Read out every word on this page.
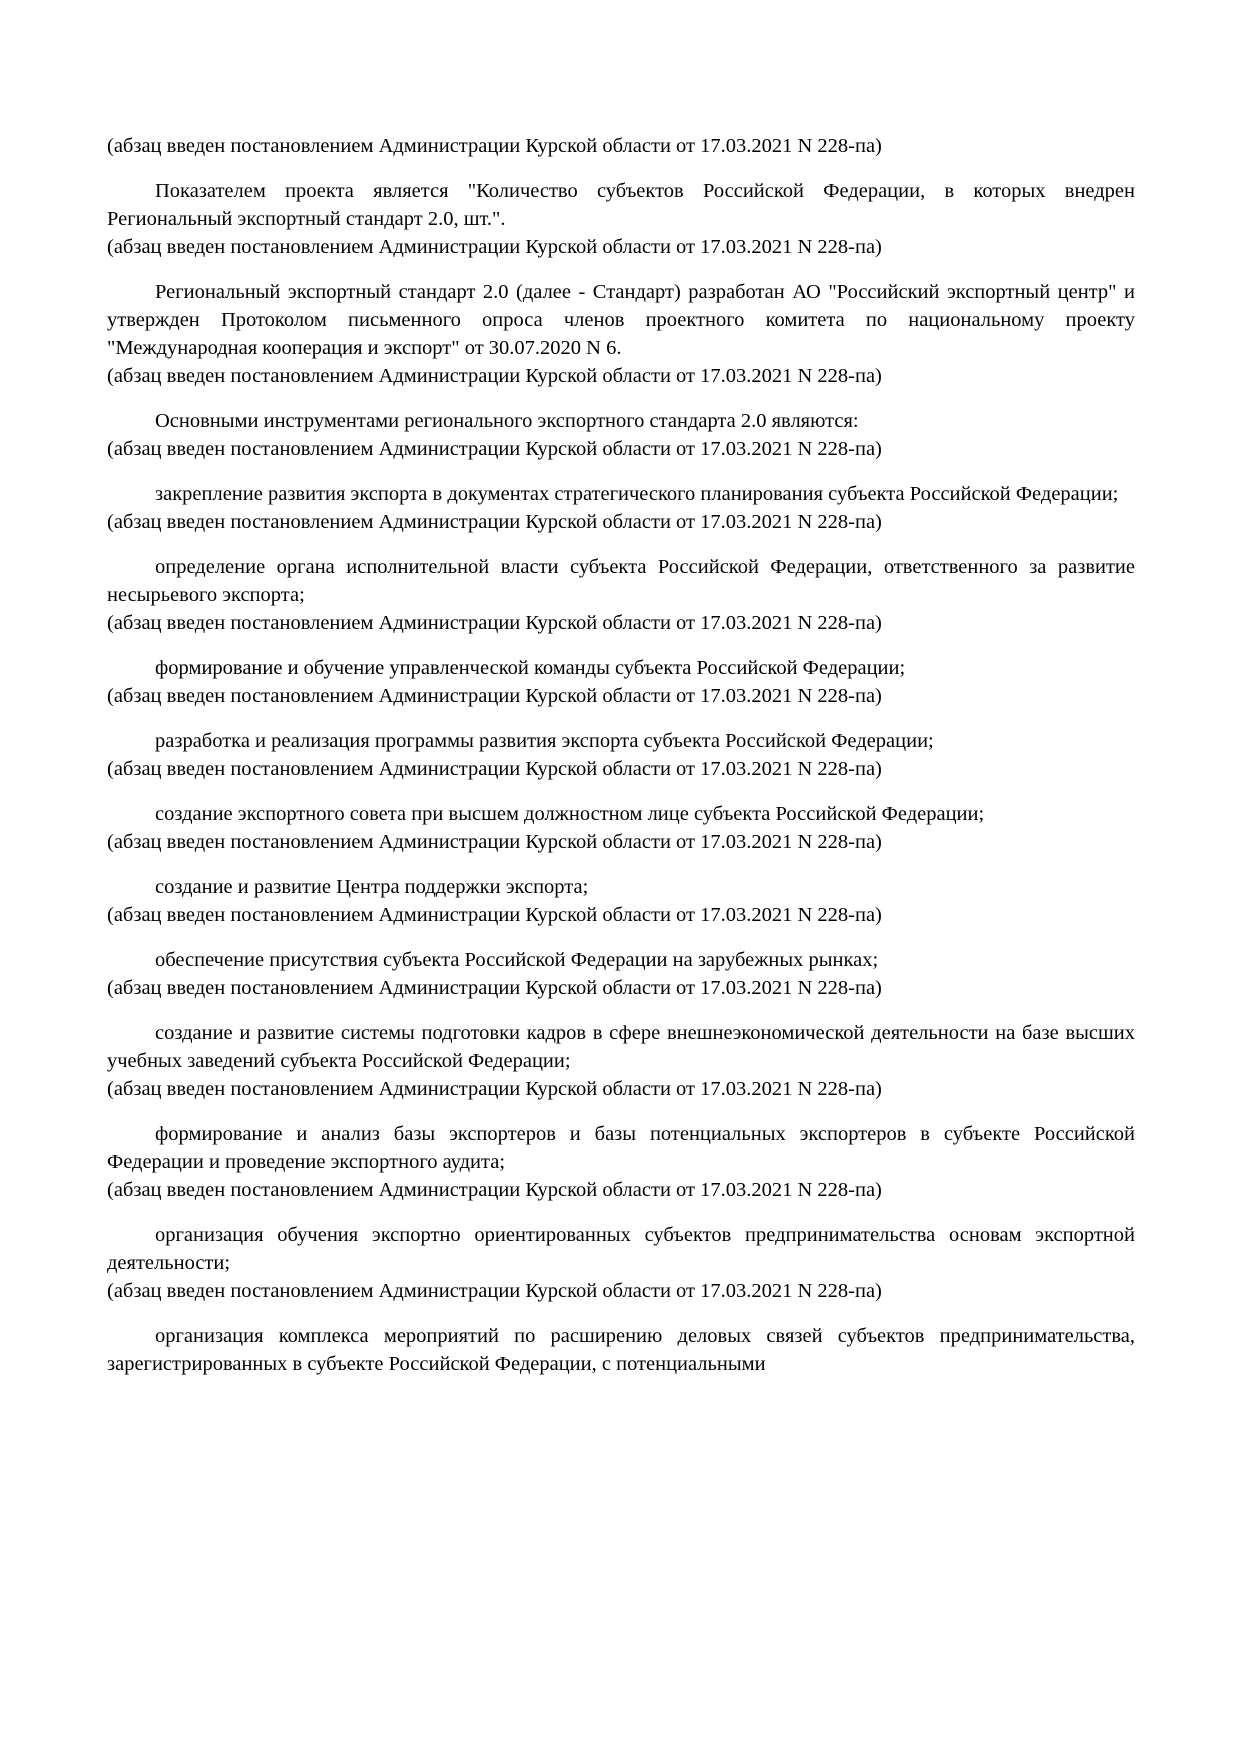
(абзац введен постановлением Администрации Курской области от 17.03.2021 N 228-па)

Показателем проекта является "Количество субъектов Российской Федерации, в которых внедрен Региональный экспортный стандарт 2.0, шт.".

(абзац введен постановлением Администрации Курской области от 17.03.2021 N 228-па)

Региональный экспортный стандарт 2.0 (далее - Стандарт) разработан АО "Российский экспортный центр" и утвержден Протоколом письменного опроса членов проектного комитета по национальному проекту "Международная кооперация и экспорт" от 30.07.2020 N 6.

(абзац введен постановлением Администрации Курской области от 17.03.2021 N 228-па)

Основными инструментами регионального экспортного стандарта 2.0 являются:

(абзац введен постановлением Администрации Курской области от 17.03.2021 N 228-па)

закрепление развития экспорта в документах стратегического планирования субъекта Российской Федерации;

(абзац введен постановлением Администрации Курской области от 17.03.2021 N 228-па)

определение органа исполнительной власти субъекта Российской Федерации, ответственного за развитие несырьевого экспорта;

(абзац введен постановлением Администрации Курской области от 17.03.2021 N 228-па)

формирование и обучение управленческой команды субъекта Российской Федерации;

(абзац введен постановлением Администрации Курской области от 17.03.2021 N 228-па)

разработка и реализация программы развития экспорта субъекта Российской Федерации;

(абзац введен постановлением Администрации Курской области от 17.03.2021 N 228-па)

создание экспортного совета при высшем должностном лице субъекта Российской Федерации;

(абзац введен постановлением Администрации Курской области от 17.03.2021 N 228-па)

создание и развитие Центра поддержки экспорта;

(абзац введен постановлением Администрации Курской области от 17.03.2021 N 228-па)

обеспечение присутствия субъекта Российской Федерации на зарубежных рынках;

(абзац введен постановлением Администрации Курской области от 17.03.2021 N 228-па)

создание и развитие системы подготовки кадров в сфере внешнеэкономической деятельности на базе высших учебных заведений субъекта Российской Федерации;

(абзац введен постановлением Администрации Курской области от 17.03.2021 N 228-па)

формирование и анализ базы экспортеров и базы потенциальных экспортеров в субъекте Российской Федерации и проведение экспортного аудита;

(абзац введен постановлением Администрации Курской области от 17.03.2021 N 228-па)

организация обучения экспортно ориентированных субъектов предпринимательства основам экспортной деятельности;

(абзац введен постановлением Администрации Курской области от 17.03.2021 N 228-па)

организация комплекса мероприятий по расширению деловых связей субъектов предпринимательства, зарегистрированных в субъекте Российской Федерации, с потенциальными
